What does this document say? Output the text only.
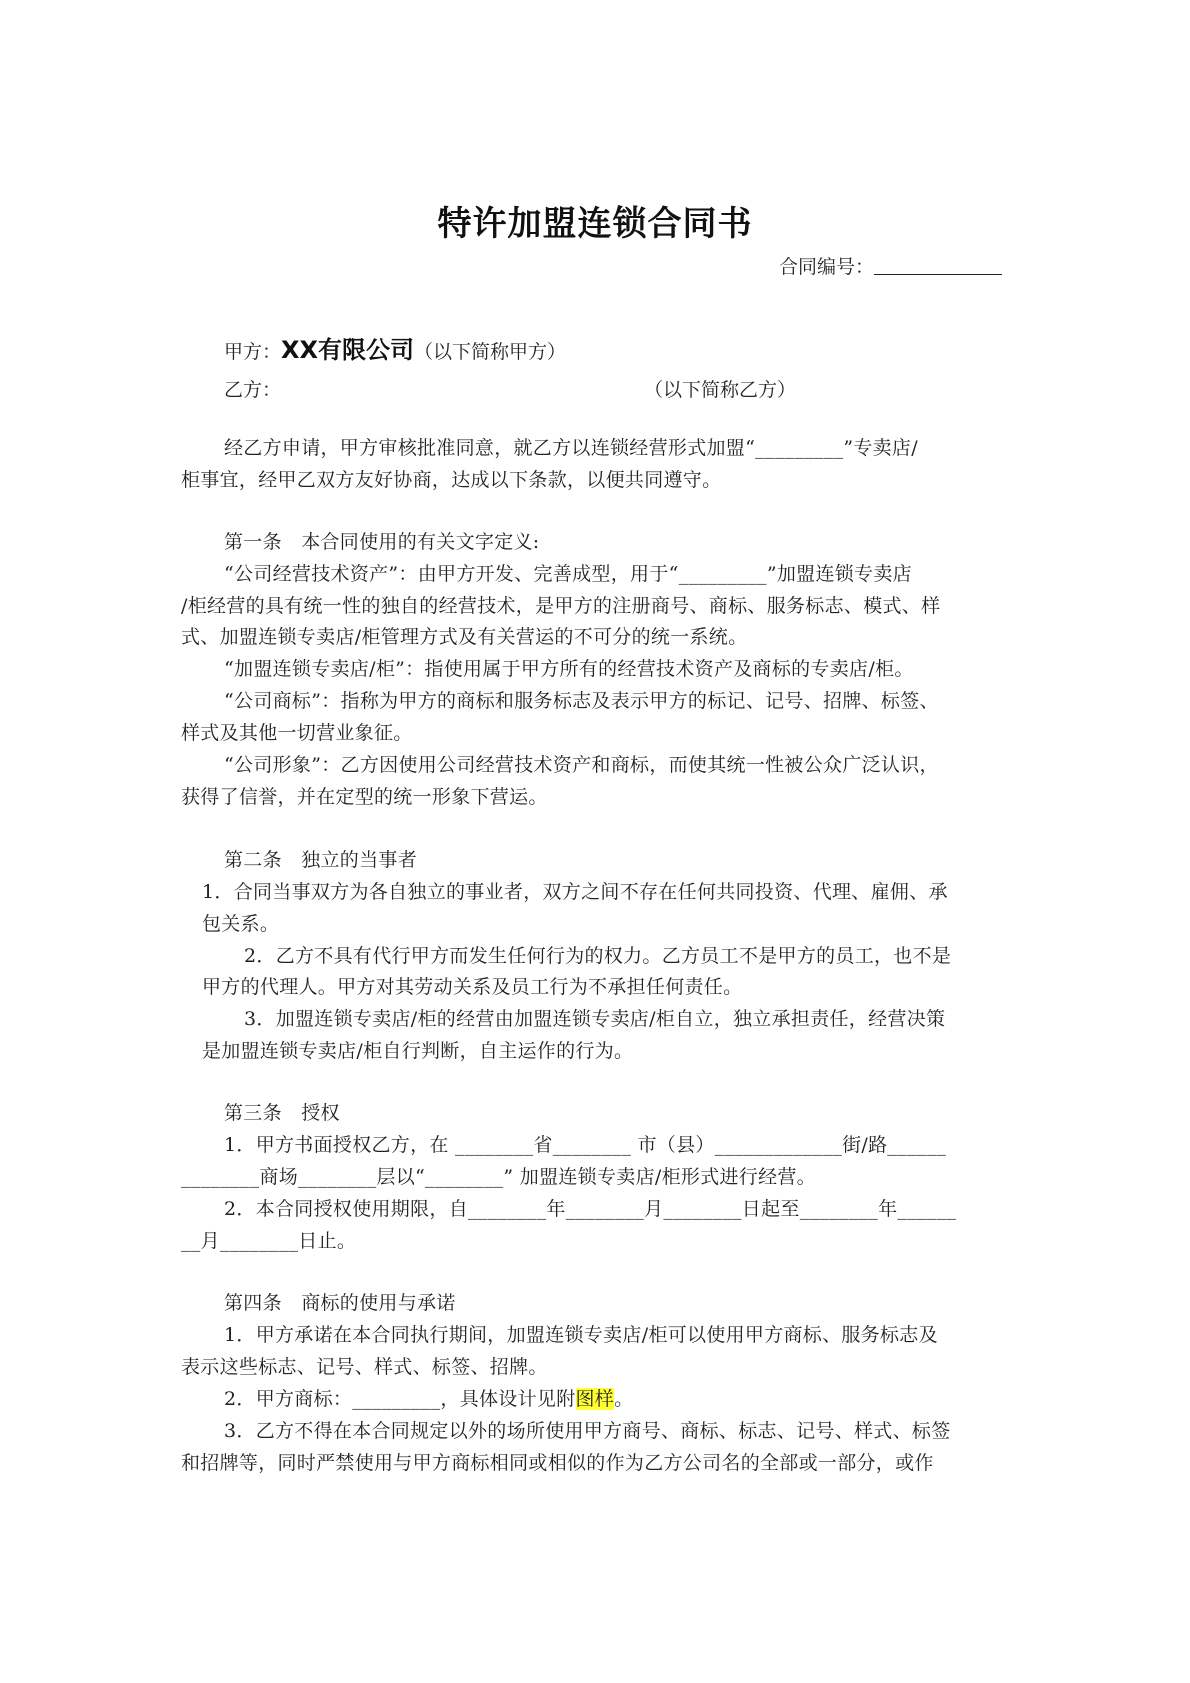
特许加盟连锁合同书
合同编号：
甲方：XX有限公司（以下简称甲方）
乙方：	（以下简称乙方）
经乙方申请，甲方审核批准同意，就乙方以连锁经营形式加盟“_________”专卖店/
柜事宜，经甲乙双方友好协商，达成以下条款，以便共同遵守。
第一条　本合同使用的有关文字定义:
“公司经营技术资产”：由甲方开发、完善成型，用于“_________”加盟连锁专卖店
/柜经营的具有统一性的独自的经营技术，是甲方的注册商号、商标、服务标志、模式、样
式、加盟连锁专卖店/柜管理方式及有关营运的不可分的统一系统。
“加盟连锁专卖店/柜”：指使用属于甲方所有的经营技术资产及商标的专卖店/柜。
“公司商标”：指称为甲方的商标和服务标志及表示甲方的标记、记号、招牌、标签、
样式及其他一切营业象征。
“公司形象”：乙方因使用公司经营技术资产和商标，而使其统一性被公众广泛认识，
获得了信誉，并在定型的统一形象下营运。
第二条　独立的当事者
1．合同当事双方为各自独立的事业者，双方之间不存在任何共同投资、代理、雇佣、承
包关系。
2．乙方不具有代行甲方而发生任何行为的权力。乙方员工不是甲方的员工，也不是
甲方的代理人。甲方对其劳动关系及员工行为不承担任何责任。
3．加盟连锁专卖店/柜的经营由加盟连锁专卖店/柜自立，独立承担责任，经营决策
是加盟连锁专卖店/柜自行判断，自主运作的行为。
第三条　授权
1．甲方书面授权乙方，在 ________省________ 市（县）_____________街/路______
________商场________层以“________” 加盟连锁专卖店/柜形式进行经营。
2．本合同授权使用期限，自________年________月________日起至________年______
__月________日止。
第四条　商标的使用与承诺
1．甲方承诺在本合同执行期间，加盟连锁专卖店/柜可以使用甲方商标、服务标志及
表示这些标志、记号、样式、标签、招牌。
2．甲方商标：_________，具体设计见附图样。
3．乙方不得在本合同规定以外的场所使用甲方商号、商标、标志、记号、样式、标签
和招牌等，同时严禁使用与甲方商标相同或相似的作为乙方公司名的全部或一部分，或作
